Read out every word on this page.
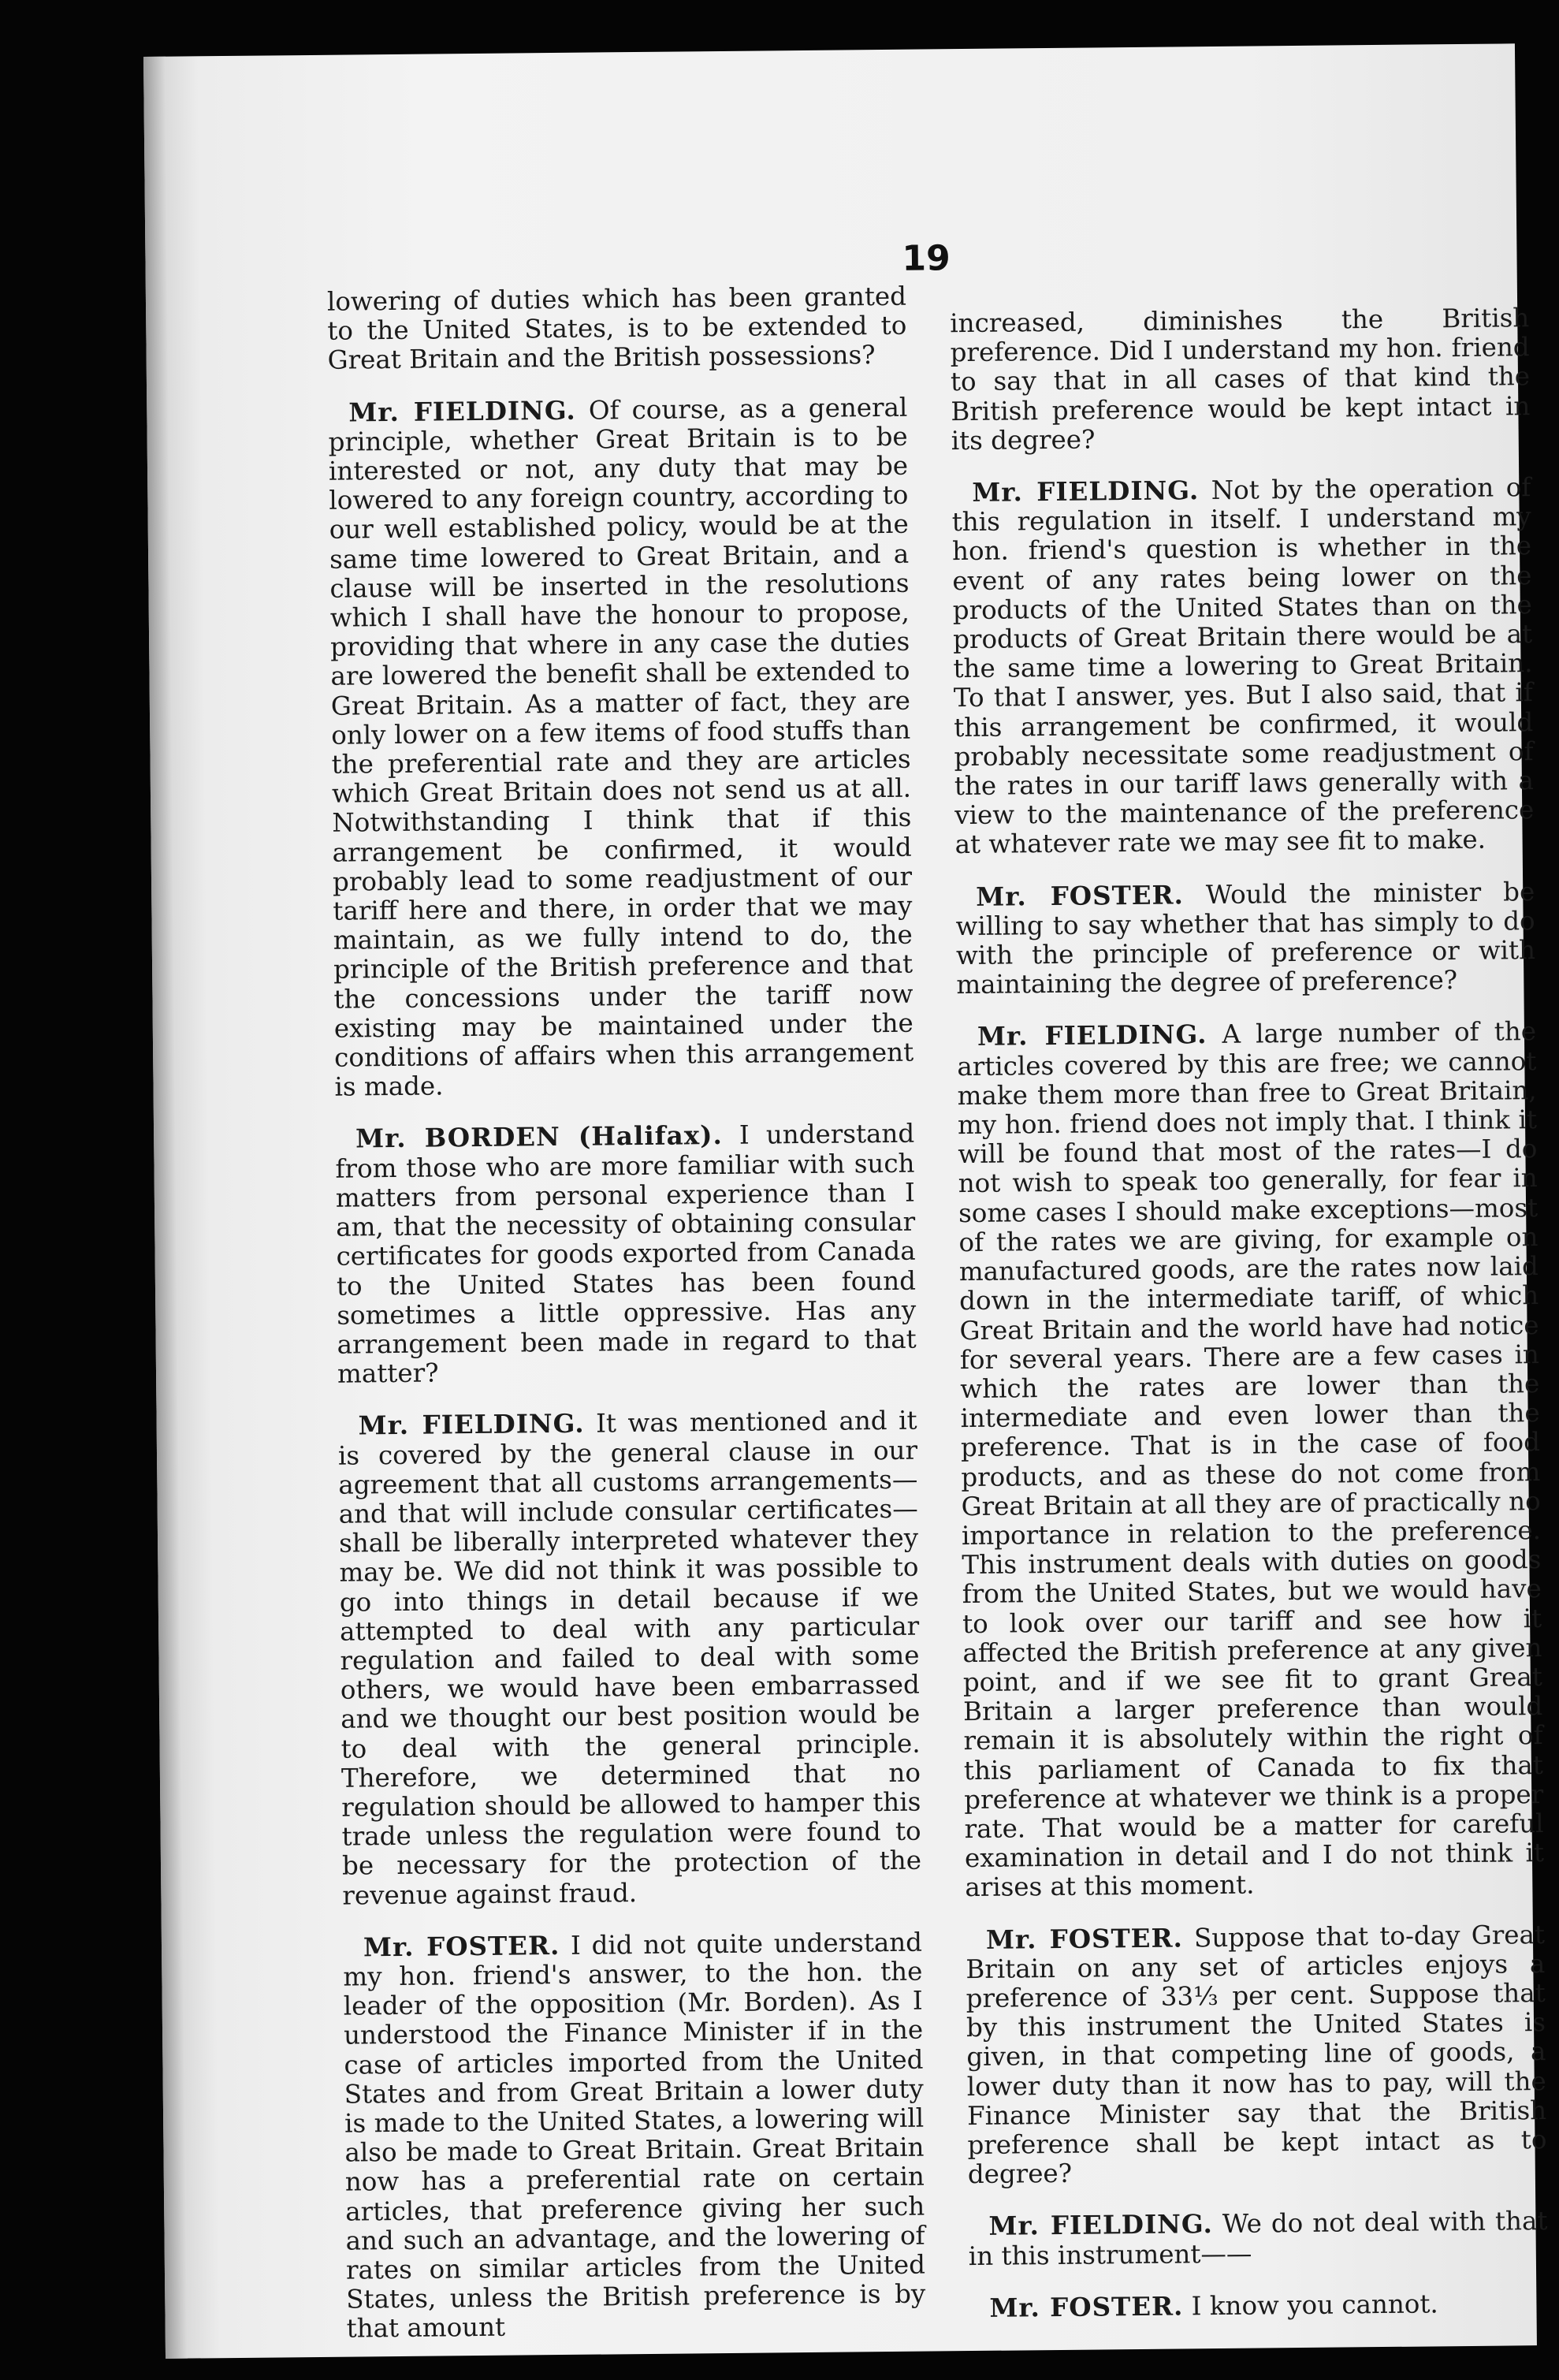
19

lowering of duties which has been granted to the United States, is to be extended to Great Britain and the British possessions?

Mr. FIELDING. Of course, as a general principle, whether Great Britain is to be interested or not, any duty that may be lowered to any foreign country, according to our well established policy, would be at the same time lowered to Great Britain, and a clause will be inserted in the resolutions which I shall have the honour to propose, providing that where in any case the duties are lowered the benefit shall be extended to Great Britain. As a matter of fact, they are only lower on a few items of food stuffs than the preferential rate and they are articles which Great Britain does not send us at all. Notwithstanding I think that if this arrangement be confirmed, it would probably lead to some readjustment of our tariff here and there, in order that we may maintain, as we fully intend to do, the principle of the British preference and that the concessions under the tariff now existing may be maintained under the conditions of affairs when this arrangement is made.

Mr. BORDEN (Halifax). I understand from those who are more familiar with such matters from personal experience than I am, that the necessity of obtaining consular certificates for goods exported from Canada to the United States has been found sometimes a little oppressive. Has any arrangement been made in regard to that matter?

Mr. FIELDING. It was mentioned and it is covered by the general clause in our agreement that all customs arrangements—and that will include consular certificates—shall be liberally interpreted whatever they may be. We did not think it was possible to go into things in detail because if we attempted to deal with any particular regulation and failed to deal with some others, we would have been embarrassed and we thought our best position would be to deal with the general principle. Therefore, we determined that no regulation should be allowed to hamper this trade unless the regulation were found to be necessary for the protection of the revenue against fraud.

Mr. FOSTER. I did not quite understand my hon. friend's answer, to the hon. the leader of the opposition (Mr. Borden). As I understood the Finance Minister if in the case of articles imported from the United States and from Great Britain a lower duty is made to the United States, a lowering will also be made to Great Britain. Great Britain now has a preferential rate on certain articles, that preference giving her such and such an advantage, and the lowering of rates on similar articles from the United States, unless the British preference is by that amount

increased, diminishes the British preference. Did I understand my hon. friend to say that in all cases of that kind the British preference would be kept intact in its degree?

Mr. FIELDING. Not by the operation of this regulation in itself. I understand my hon. friend's question is whether in the event of any rates being lower on the products of the United States than on the products of Great Britain there would be at the same time a lowering to Great Britain. To that I answer, yes. But I also said, that if this arrangement be confirmed, it would probably necessitate some readjustment of the rates in our tariff laws generally with a view to the maintenance of the preference at whatever rate we may see fit to make.

Mr. FOSTER. Would the minister be willing to say whether that has simply to do with the principle of preference or with maintaining the degree of preference?

Mr. FIELDING. A large number of the articles covered by this are free; we cannot make them more than free to Great Britain, my hon. friend does not imply that. I think it will be found that most of the rates—I do not wish to speak too generally, for fear in some cases I should make exceptions—most of the rates we are giving, for example on manufactured goods, are the rates now laid down in the intermediate tariff, of which Great Britain and the world have had notice for several years. There are a few cases in which the rates are lower than the intermediate and even lower than the preference. That is in the case of food products, and as these do not come from Great Britain at all they are of practically no importance in relation to the preference. This instrument deals with duties on goods from the United States, but we would have to look over our tariff and see how it affected the British preference at any given point, and if we see fit to grant Great Britain a larger preference than would remain it is absolutely within the right of this parliament of Canada to fix that preference at whatever we think is a proper rate. That would be a matter for careful examination in detail and I do not think it arises at this moment.

Mr. FOSTER. Suppose that to-day Great Britain on any set of articles enjoys a preference of 33⅓ per cent. Suppose that by this instrument the United States is given, in that competing line of goods, a lower duty than it now has to pay, will the Finance Minister say that the British preference shall be kept intact as to degree?

Mr. FIELDING. We do not deal with that in this instrument——

Mr. FOSTER. I know you cannot.
